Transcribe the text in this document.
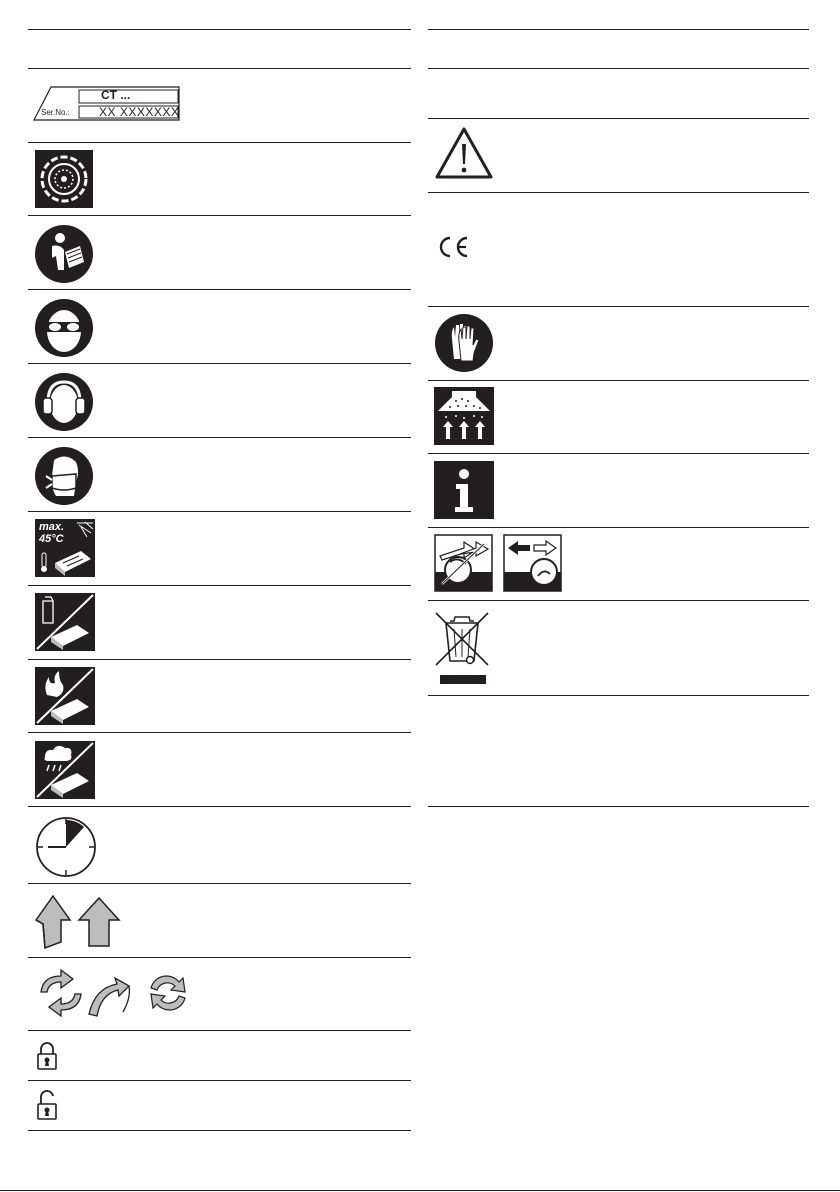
CT ...
Ser.No.: XX XXXXXXX
max.
45°C
